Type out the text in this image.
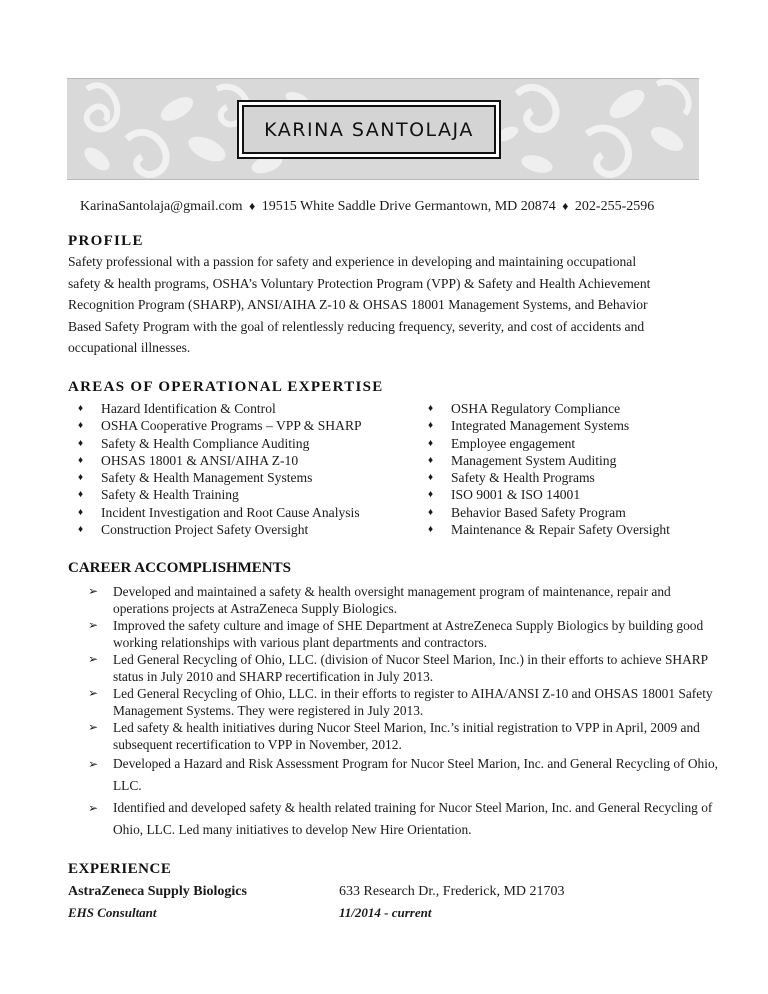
KARINA SANTOLAJA
KarinaSantolaja@gmail.com ♦ 19515 White Saddle Drive Germantown, MD 20874 ♦ 202-255-2596
PROFILE
Safety professional with a passion for safety and experience in developing and maintaining occupational
safety & health programs, OSHA’s Voluntary Protection Program (VPP) & Safety and Health Achievement
Recognition Program (SHARP), ANSI/AIHA Z-10 & OHSAS 18001 Management Systems, and Behavior
Based Safety Program with the goal of relentlessly reducing frequency, severity, and cost of accidents and
occupational illnesses.
AREAS OF OPERATIONAL EXPERTISE
♦ Hazard Identification & Control
♦ OSHA Cooperative Programs – VPP & SHARP
♦ Safety & Health Compliance Auditing
♦ OHSAS 18001 & ANSI/AIHA Z-10
♦ Safety & Health Management Systems
♦ Safety & Health Training
♦ Incident Investigation and Root Cause Analysis
♦ Construction Project Safety Oversight
♦ OSHA Regulatory Compliance
♦ Integrated Management Systems
♦ Employee engagement
♦ Management System Auditing
♦ Safety & Health Programs
♦ ISO 9001 & ISO 14001
♦ Behavior Based Safety Program
♦ Maintenance & Repair Safety Oversight
CAREER ACCOMPLISHMENTS
➢ Developed and maintained a safety & health oversight management program of maintenance, repair and operations projects at AstraZeneca Supply Biologics.
➢ Improved the safety culture and image of SHE Department at AstreZeneca Supply Biologics by building good working relationships with various plant departments and contractors.
➢ Led General Recycling of Ohio, LLC. (division of Nucor Steel Marion, Inc.) in their efforts to achieve SHARP status in July 2010 and SHARP recertification in July 2013.
➢ Led General Recycling of Ohio, LLC. in their efforts to register to AIHA/ANSI Z-10 and OHSAS 18001 Safety Management Systems. They were registered in July 2013.
➢ Led safety & health initiatives during Nucor Steel Marion, Inc.’s initial registration to VPP in April, 2009 and subsequent recertification to VPP in November, 2012.
➢ Developed a Hazard and Risk Assessment Program for Nucor Steel Marion, Inc. and General Recycling of Ohio, LLC.
➢ Identified and developed safety & health related training for Nucor Steel Marion, Inc. and General Recycling of Ohio, LLC. Led many initiatives to develop New Hire Orientation.
EXPERIENCE
AstraZeneca Supply Biologics	633 Research Dr., Frederick, MD 21703
EHS Consultant	11/2014 - current
